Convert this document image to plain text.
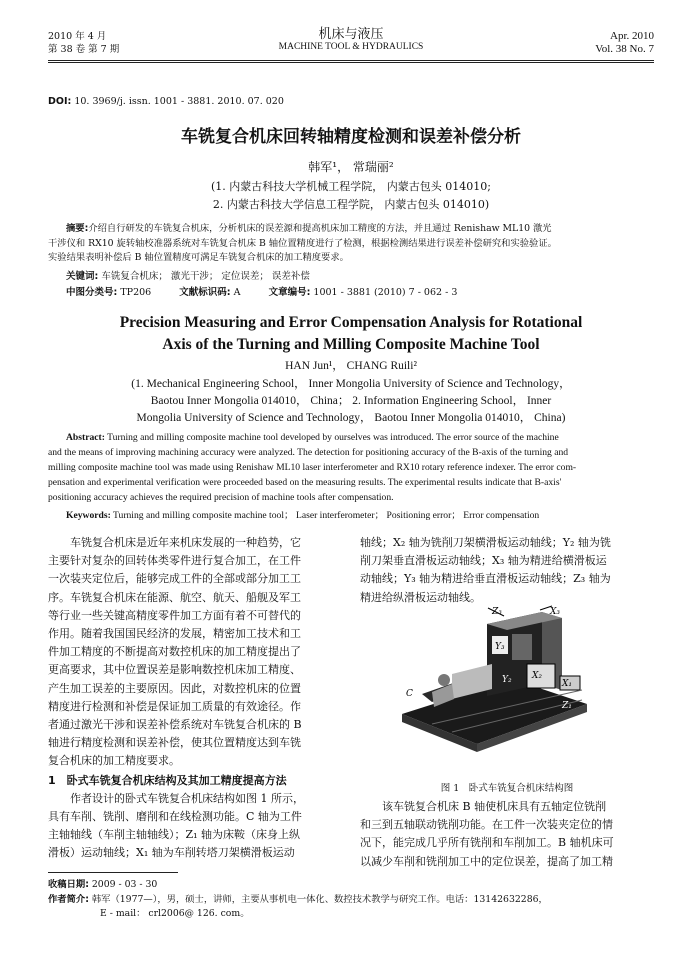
2010 年 4 月
第 38 卷 第 7 期
机床与液压
MACHINE TOOL & HYDRAULICS
Apr. 2010
Vol. 38 No. 7
DOI: 10. 3969/j. issn. 1001 - 3881. 2010. 07. 020
车铣复合机床回转轴精度检测和误差补偿分析
韩军¹， 常瑞丽²
(1. 内蒙古科技大学机械工程学院， 内蒙古包头 014010;
2. 内蒙古科技大学信息工程学院， 内蒙古包头 014010)
摘要:介绍自行研发的车铣复合机床，分析机床的误差源和提高机床加工精度的方法，并且通过 Renishaw ML10 激光
干涉仪和 RX10 旋转轴校准器系统对车铣复合机床 B 轴位置精度进行了检测，根据检测结果进行误差补偿研究和实验验证。
实验结果表明补偿后 B 轴位置精度可满足车铣复合机床的加工精度要求。
关键词: 车铣复合机床； 激光干涉； 定位误差； 误差补偿
中图分类号: TP206	文献标识码: A	文章编号: 1001 - 3881 (2010) 7 - 062 - 3
Precision Measuring and Error Compensation Analysis for Rotational
Axis of the Turning and Milling Composite Machine Tool
HAN Jun¹， CHANG Ruili²
(1. Mechanical Engineering School， Inner Mongolia University of Science and Technology，
Baotou Inner Mongolia 014010， China； 2. Information Engineering School， Inner
Mongolia University of Science and Technology， Baotou Inner Mongolia 014010， China)
Abstract: Turning and milling composite machine tool developed by ourselves was introduced. The error source of the machine
and the means of improving machining accuracy were analyzed. The detection for positioning accuracy of the B-axis of the turning and
milling composite machine tool was made using Renishaw ML10 laser interferometer and RX10 rotary reference indexer. The error com-
pensation and experimental verification were proceeded based on the measuring results. The experimental results indicate that B-axis'
positioning accuracy achieves the required precision of machine tools after compensation.
Keywords: Turning and milling composite machine tool； Laser interferometer； Positioning error； Error compensation
　　车铣复合机床是近年来机床发展的一种趋势，它
主要针对复杂的回转体类零件进行复合加工，在工件
一次装夹定位后，能够完成工件的全部或部分加工工
序。车铣复合机床在能源、航空、航天、船舰及军工
等行业一些关键高精度零件加工方面有着不可替代的
作用。随着我国国民经济的发展，精密加工技术和工
件加工精度的不断提高对数控机床的加工精度提出了
更高要求，其中位置误差是影响数控机床加工精度、
产生加工误差的主要原因。因此，对数控机床的位置
精度进行检测和补偿是保证加工质量的有效途径。作
者通过激光干涉和误差补偿系统对车铣复合机床的 B
轴进行精度检测和误差补偿，使其位置精度达到车铣
复合机床的加工精度要求。
1　卧式车铣复合机床结构及其加工精度提高方法
　　作者设计的卧式车铣复合机床结构如图 1 所示，
具有车削、铣削、磨削和在线检测功能。C 轴为工件
主轴轴线（车削主轴轴线）；Z₁ 轴为床鞍（床身上纵
滑板）运动轴线；X₁ 轴为车削转塔刀架横滑板运动
轴线；X₂ 轴为铣削刀架横滑板运动轴线；Y₂ 轴为铣
削刀架垂直滑板运动轴线；X₃ 轴为精进给横滑板运
动轴线；Y₃ 轴为精进给垂直滑板运动轴线；Z₃ 轴为
精进给纵滑板运动轴线。
Z₃	X₃
Y₃
Y₂ X₂
X₁
Z₁
C
图 1　卧式车铣复合机床结构图
　　该车铣复合机床 B 轴使机床具有五轴定位铣削
和三到五轴联动铣削功能。在工件一次装夹定位的情
况下，能完成几乎所有铣削和车削加工。B 轴机床可
以减少车削和铣削加工中的定位误差，提高了加工精
收稿日期: 2009 - 03 - 30
作者简介: 韩军（1977—），男，硕士，讲师，主要从事机电一体化、数控技术教学与研究工作。电话：13142632286，
E - mail： crl2006@ 126. com。
